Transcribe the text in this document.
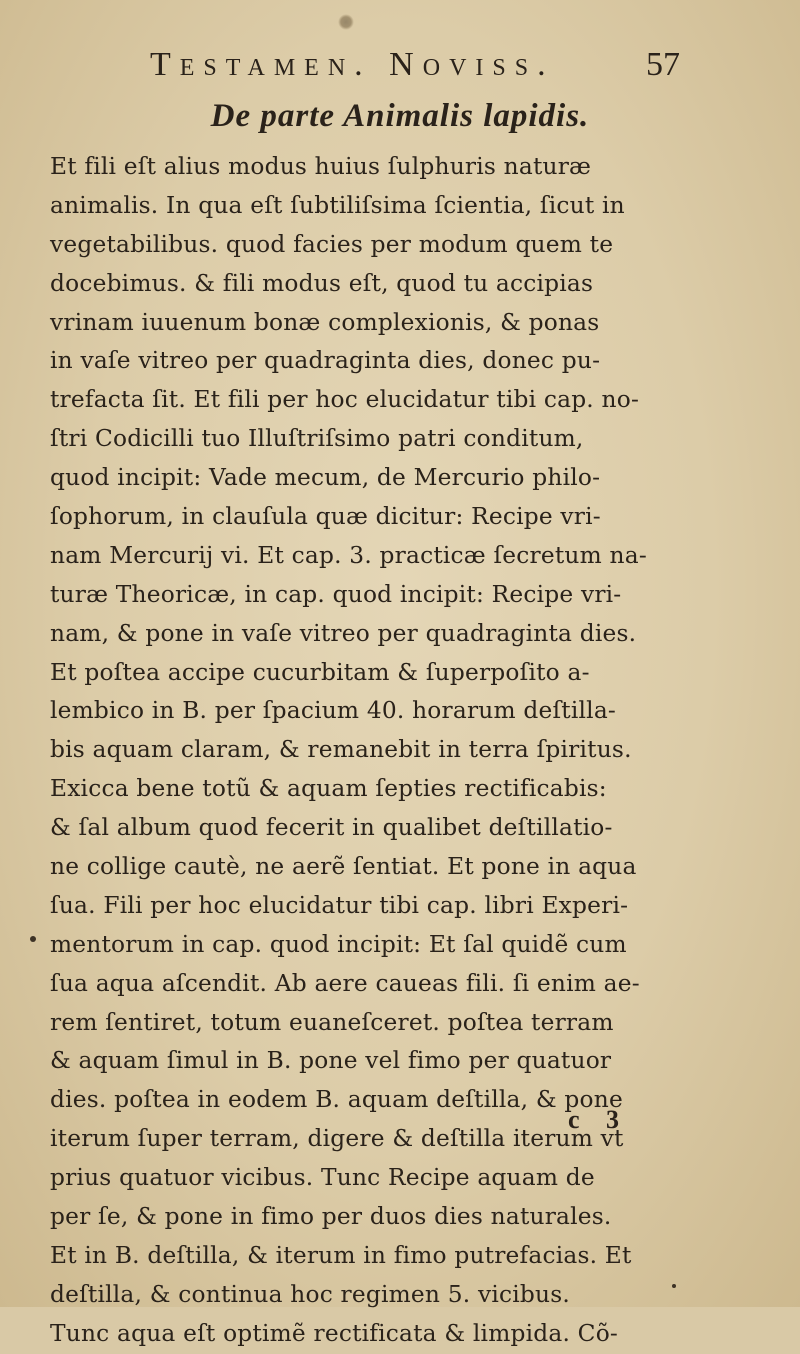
Testamen. Noviss.	57
De parte Animalis lapidis.
Et fili eſt alius modus huius ſulphuris naturæ
animalis. In qua eſt ſubtiliſsima ſcientia, ſicut in
vegetabilibus. quod facies per modum quem te
docebimus. & fili modus eſt, quod tu accipias
vrinam iuuenum bonæ complexionis, & ponas
in vaſe vitreo per quadraginta dies, donec pu-
trefacta ſit. Et fili per hoc elucidatur tibi cap. no-
ſtri Codicilli tuo Illuſtriſsimo patri conditum,
quod incipit: Vade mecum, de Mercurio philo-
ſophorum, in clauſula quæ dicitur: Recipe vri-
nam Mercurij vi. Et cap. 3. practicæ ſecretum na-
turæ Theoricæ, in cap. quod incipit: Recipe vri-
nam, & pone in vaſe vitreo per quadraginta dies.
Et poſtea accipe cucurbitam & ſuperpoſito a-
lembico in B. per ſpacium 40. horarum deſtilla-
bis aquam claram, & remanebit in terra ſpiritus.
Exicca bene totũ & aquam ſepties rectificabis:
& ſal album quod fecerit in qualibet deſtillatio-
ne collige cautè, ne aerẽ ſentiat. Et pone in aqua
ſua. Fili per hoc elucidatur tibi cap. libri Experi-
mentorum in cap. quod incipit: Et ſal quidẽ cum
ſua aqua aſcendit. Ab aere caueas fili. ſi enim ae-
rem ſentiret, totum euaneſceret. poſtea terram
& aquam ſimul in B. pone vel fimo per quatuor
dies. poſtea in eodem B. aquam deſtilla, & pone
iterum ſuper terram, digere & deſtilla iterum vt
prius quatuor vicibus. Tunc Recipe aquam de
per ſe, & pone in fimo per duos dies naturales.
Et in B. deſtilla, & iterum in fimo putrefacias. Et
deſtilla, & continua hoc regimen 5. vicibus.
Tunc aqua eſt optimẽ rectificata & limpida. Cõ-
c 3
